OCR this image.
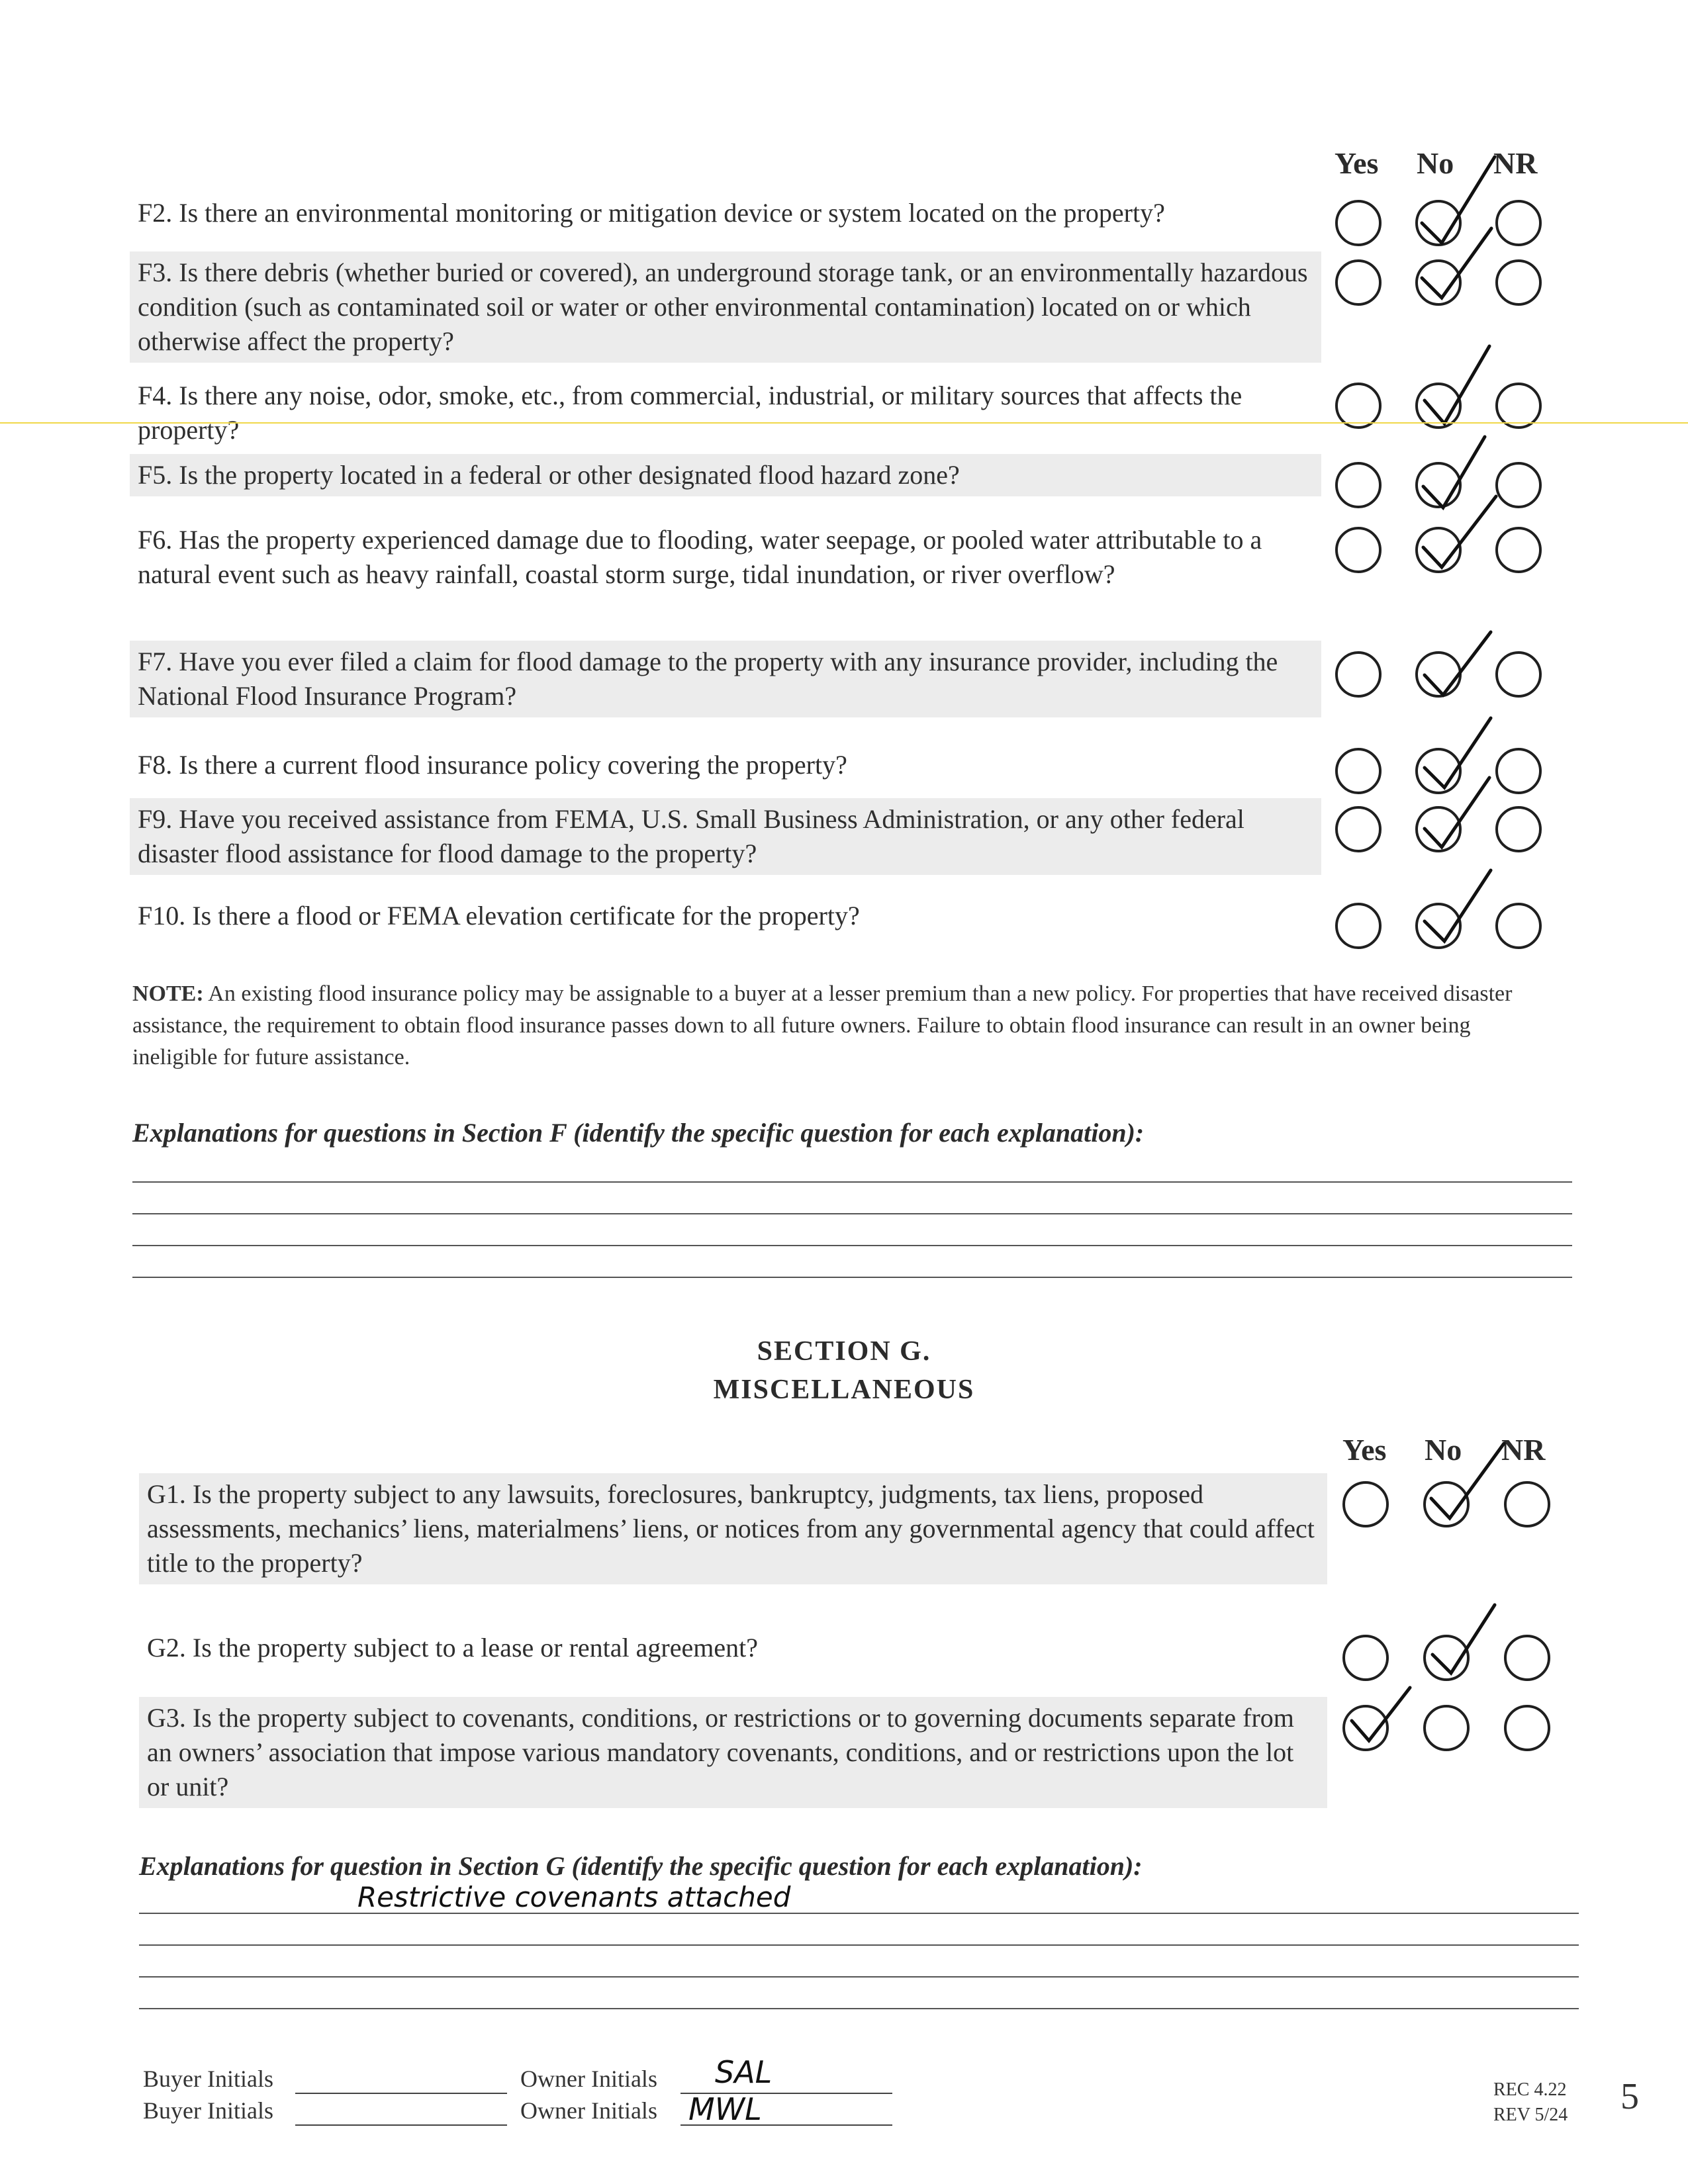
Yes No NR
F2. Is there an environmental monitoring or mitigation device or system located on the property?
F3. Is there debris (whether buried or covered), an underground storage tank, or an environmentally hazardous condition (such as contaminated soil or water or other environmental contamination) located on or which otherwise affect the property?
F4. Is there any noise, odor, smoke, etc., from commercial, industrial, or military sources that affects the property?
F5. Is the property located in a federal or other designated flood hazard zone?
F6. Has the property experienced damage due to flooding, water seepage, or pooled water attributable to a natural event such as heavy rainfall, coastal storm surge, tidal inundation, or river overflow?
F7. Have you ever filed a claim for flood damage to the property with any insurance provider, including the National Flood Insurance Program?
F8. Is there a current flood insurance policy covering the property?
F9. Have you received assistance from FEMA, U.S. Small Business Administration, or any other federal disaster flood assistance for flood damage to the property?
F10. Is there a flood or FEMA elevation certificate for the property?
NOTE: An existing flood insurance policy may be assignable to a buyer at a lesser premium than a new policy. For properties that have received disaster assistance, the requirement to obtain flood insurance passes down to all future owners. Failure to obtain flood insurance can result in an owner being ineligible for future assistance.
Explanations for questions in Section F (identify the specific question for each explanation):
SECTION G.
MISCELLANEOUS
Yes No NR
G1. Is the property subject to any lawsuits, foreclosures, bankruptcy, judgments, tax liens, proposed assessments, mechanics’ liens, materialmens’ liens, or notices from any governmental agency that could affect title to the property?
G2. Is the property subject to a lease or rental agreement?
G3. Is the property subject to covenants, conditions, or restrictions or to governing documents separate from an owners’ association that impose various mandatory covenants, conditions, and or restrictions upon the lot or unit?
Explanations for question in Section G (identify the specific question for each explanation):
Restrictive covenants attached
Buyer Initials
Buyer Initials
Owner Initials SAL
Owner Initials MWL
REC 4.22
REV 5/24 5
